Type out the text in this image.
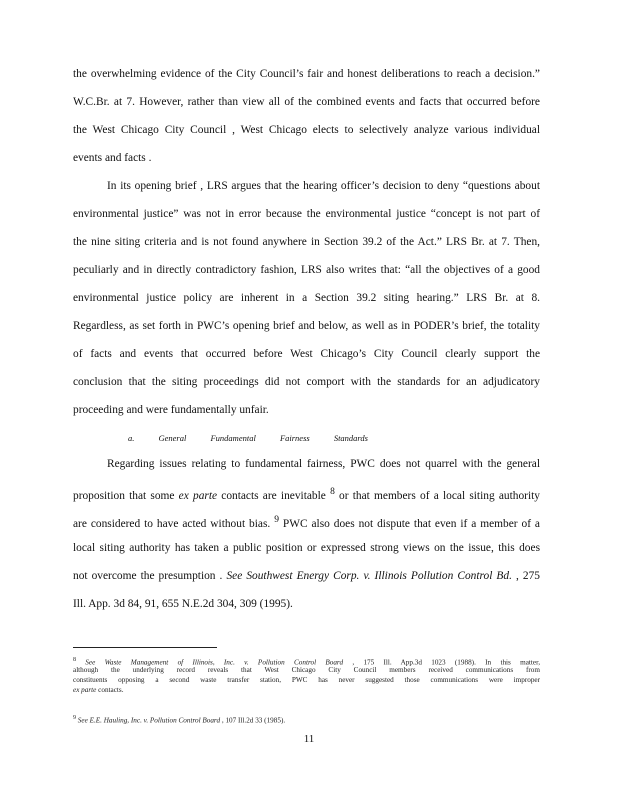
the overwhelming evidence of the City Council’s fair and honest deliberations to reach a decision.”
W.C.Br. at 7. However, rather than view all of the combined events and facts that occurred before
the West Chicago City Council , West Chicago elects to selectively analyze various individual
events and facts .
In its opening brief , LRS argues that the hearing officer’s decision to deny “questions about
environmental justice” was not in error because the environmental justice “concept is not part of
the nine siting criteria and is not found anywhere in Section 39.2 of the Act.” LRS Br. at 7. Then,
peculiarly and in directly contradictory fashion, LRS also writes that: “all the objectives of a good
environmental justice policy are inherent in a Section 39.2 siting hearing.” LRS Br. at 8.
Regardless, as set forth in PWC’s opening brief and below, as well as in PODER’s brief, the totality
of facts and events that occurred before West Chicago’s City Council clearly support the
conclusion that the siting proceedings did not comport with the standards for an adjudicatory
proceeding and were fundamentally unfair.
a.	General	Fundamental	Fairness	Standards
Regarding issues relating to fundamental fairness, PWC does not quarrel with the general
proposition that some ex parte contacts are inevitable $^8$ or that members of a local siting authority
are considered to have acted without bias. $^9$ PWC also does not dispute that even if a member of a
local siting authority has taken a public position or expressed strong views on the issue, this does
not overcome the presumption . See Southwest Energy Corp. v. Illinois Pollution Control Bd. , 275
Ill. App. 3d 84, 91, 655 N.E.2d 304, 309 (1995).
$^8$ See Waste Management of Illinois, Inc. v. Pollution Control Board , 175 Ill. App.3d 1023 (1988). In this matter,
although the underlying record reveals that West Chicago City Council members received communications from
constituents opposing a second waste transfer station, PWC has never suggested those communications were improper
ex parte contacts.
$^9$ See E.E. Hauling, Inc. v. Pollution Control Board , 107 Ill.2d 33 (1985).
11
